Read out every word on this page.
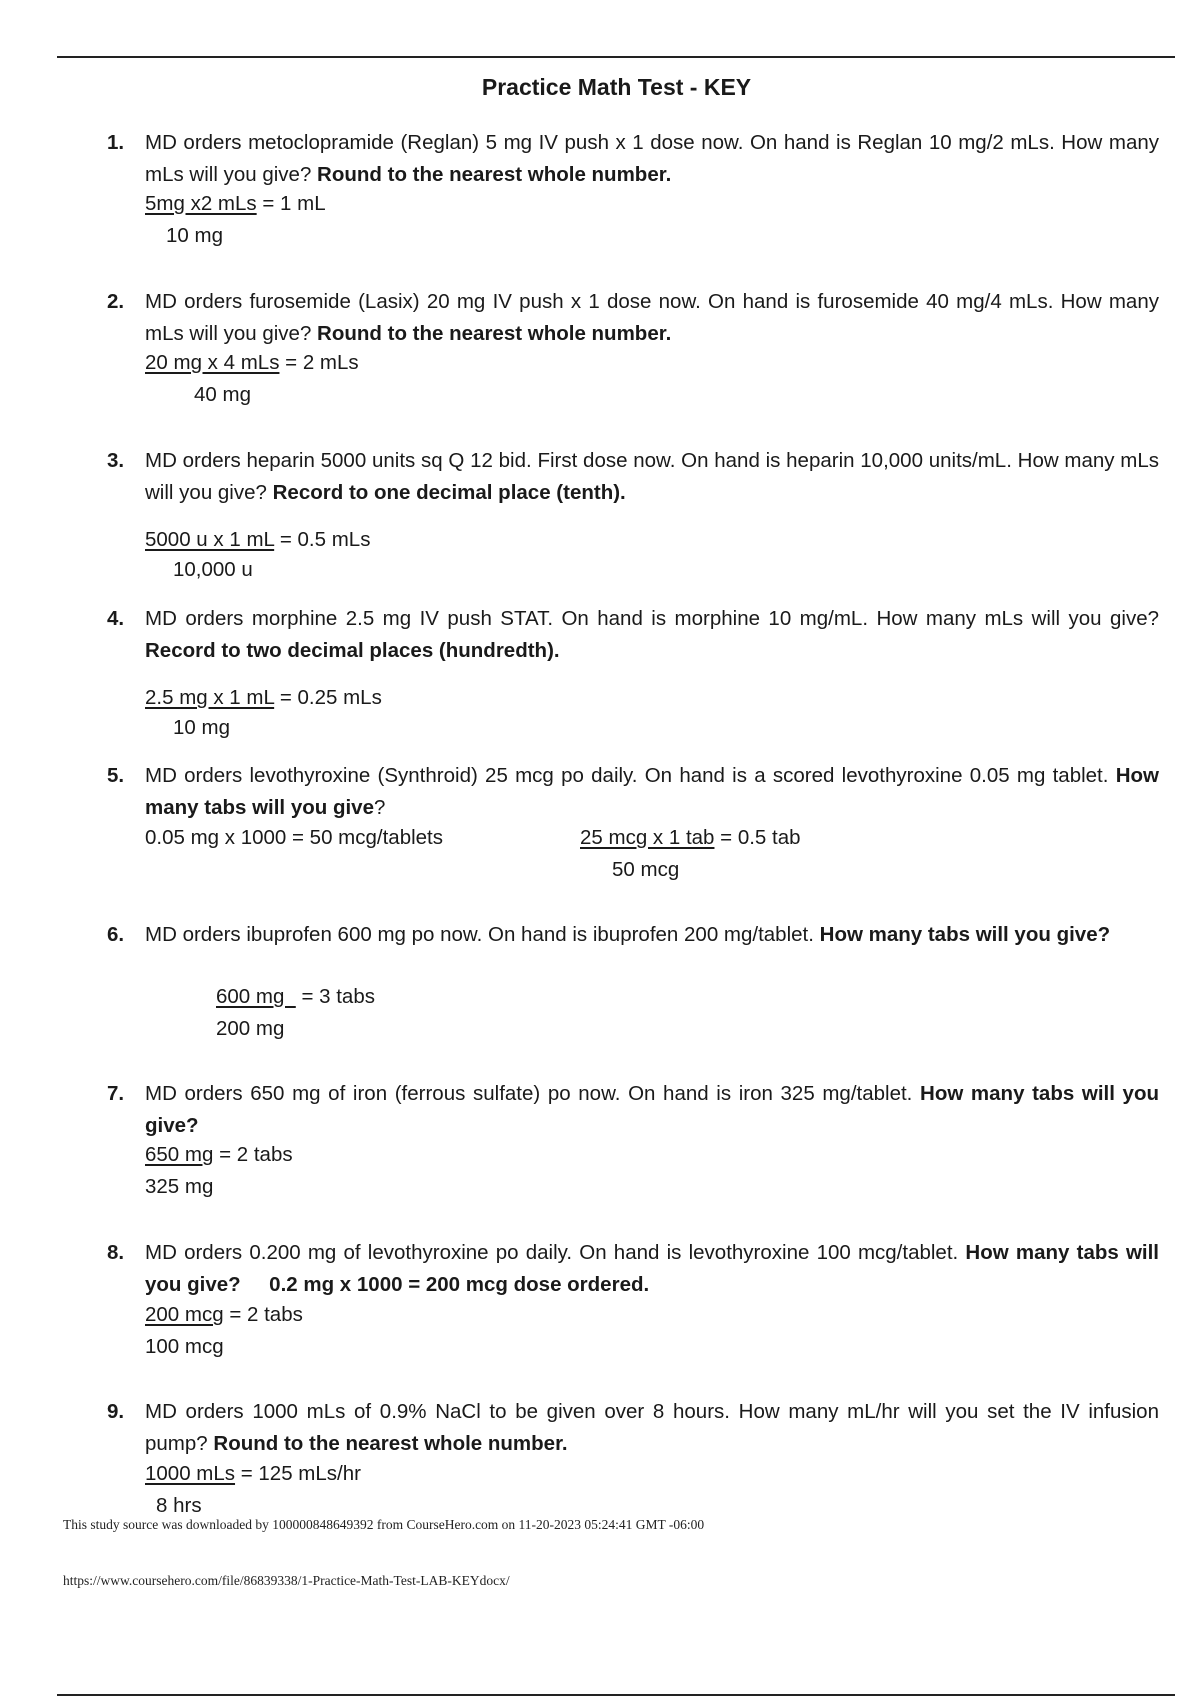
Practice Math Test - KEY
1. MD orders metoclopramide (Reglan) 5 mg IV push x 1 dose now. On hand is Reglan 10 mg/2 mLs. How many mLs will you give? Round to the nearest whole number.
5mg x2 mLs = 1 mL
10 mg
2. MD orders furosemide (Lasix) 20 mg IV push x 1 dose now. On hand is furosemide 40 mg/4 mLs. How many mLs will you give? Round to the nearest whole number.
20 mg x 4 mLs = 2 mLs
40 mg
3. MD orders heparin 5000 units sq Q 12 bid. First dose now. On hand is heparin 10,000 units/mL. How many mLs will you give? Record to one decimal place (tenth).
5000 u x 1 mL = 0.5 mLs
10,000 u
4. MD orders morphine 2.5 mg IV push STAT. On hand is morphine 10 mg/mL. How many mLs will you give? Record to two decimal places (hundredth).
2.5 mg x 1 mL = 0.25 mLs
10 mg
5. MD orders levothyroxine (Synthroid) 25 mcg po daily. On hand is a scored levothyroxine 0.05 mg tablet. How many tabs will you give?
0.05 mg x 1000 = 50 mcg/tablets	25 mcg x 1 tab = 0.5 tab
50 mcg
6. MD orders ibuprofen 600 mg po now. On hand is ibuprofen 200 mg/tablet. How many tabs will you give?
600 mg   = 3 tabs
200 mg
7. MD orders 650 mg of iron (ferrous sulfate) po now. On hand is iron 325 mg/tablet. How many tabs will you give?
650 mg = 2 tabs
325 mg
8. MD orders 0.200 mg of levothyroxine po daily. On hand is levothyroxine 100 mcg/tablet. How many tabs will you give? 0.2 mg x 1000 = 200 mcg dose ordered.
200 mcg = 2 tabs
100 mcg
9. MD orders 1000 mLs of 0.9% NaCl to be given over 8 hours. How many mL/hr will you set the IV infusion pump? Round to the nearest whole number.
1000 mLs = 125 mLs/hr
8 hrs
This study source was downloaded by 100000848649392 from CourseHero.com on 11-20-2023 05:24:41 GMT -06:00
https://www.coursehero.com/file/86839338/1-Practice-Math-Test-LAB-KEYdocx/
